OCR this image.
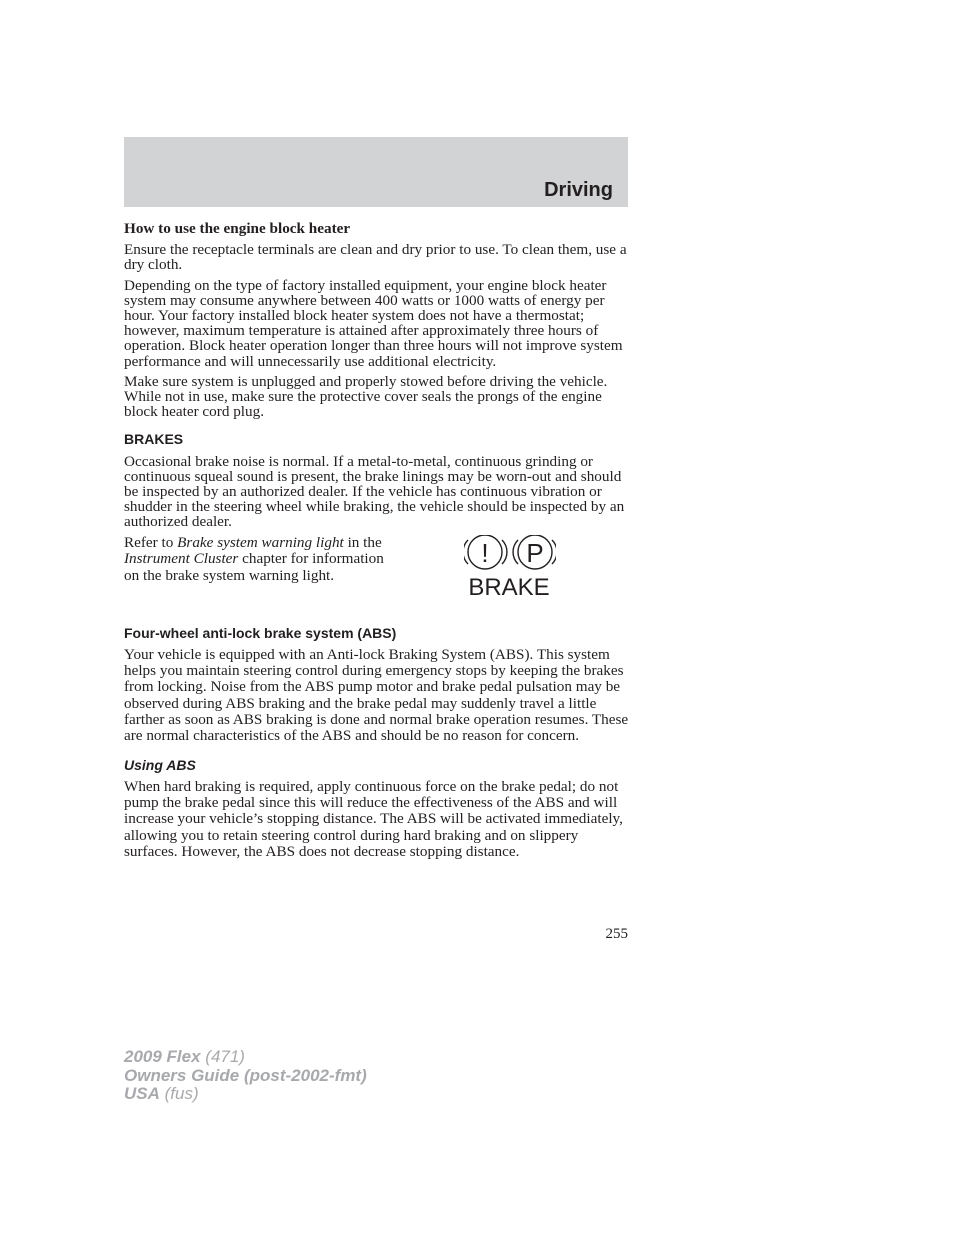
Driving

How to use the engine block heater

Ensure the receptacle terminals are clean and dry prior to use. To clean them, use a dry cloth.

Depending on the type of factory installed equipment, your engine block heater system may consume anywhere between 400 watts or 1000 watts of energy per hour. Your factory installed block heater system does not have a thermostat; however, maximum temperature is attained after approximately three hours of operation. Block heater operation longer than three hours will not improve system performance and will unnecessarily use additional electricity.

Make sure system is unplugged and properly stowed before driving the vehicle. While not in use, make sure the protective cover seals the prongs of the engine block heater cord plug.

BRAKES

Occasional brake noise is normal. If a metal-to-metal, continuous grinding or continuous squeal sound is present, the brake linings may be worn-out and should be inspected by an authorized dealer. If the vehicle has continuous vibration or shudder in the steering wheel while braking, the vehicle should be inspected by an authorized dealer.

Refer to Brake system warning light in the Instrument Cluster chapter for information on the brake system warning light.
! P
BRAKE
Four-wheel anti-lock brake system (ABS)

Your vehicle is equipped with an Anti-lock Braking System (ABS). This system helps you maintain steering control during emergency stops by keeping the brakes from locking. Noise from the ABS pump motor and brake pedal pulsation may be observed during ABS braking and the brake pedal may suddenly travel a little farther as soon as ABS braking is done and normal brake operation resumes. These are normal characteristics of the ABS and should be no reason for concern.

Using ABS

When hard braking is required, apply continuous force on the brake pedal; do not pump the brake pedal since this will reduce the effectiveness of the ABS and will increase your vehicle’s stopping distance. The ABS will be activated immediately, allowing you to retain steering control during hard braking and on slippery surfaces. However, the ABS does not decrease stopping distance.

255
2009 Flex (471)
Owners Guide (post-2002-fmt)
USA (fus)
